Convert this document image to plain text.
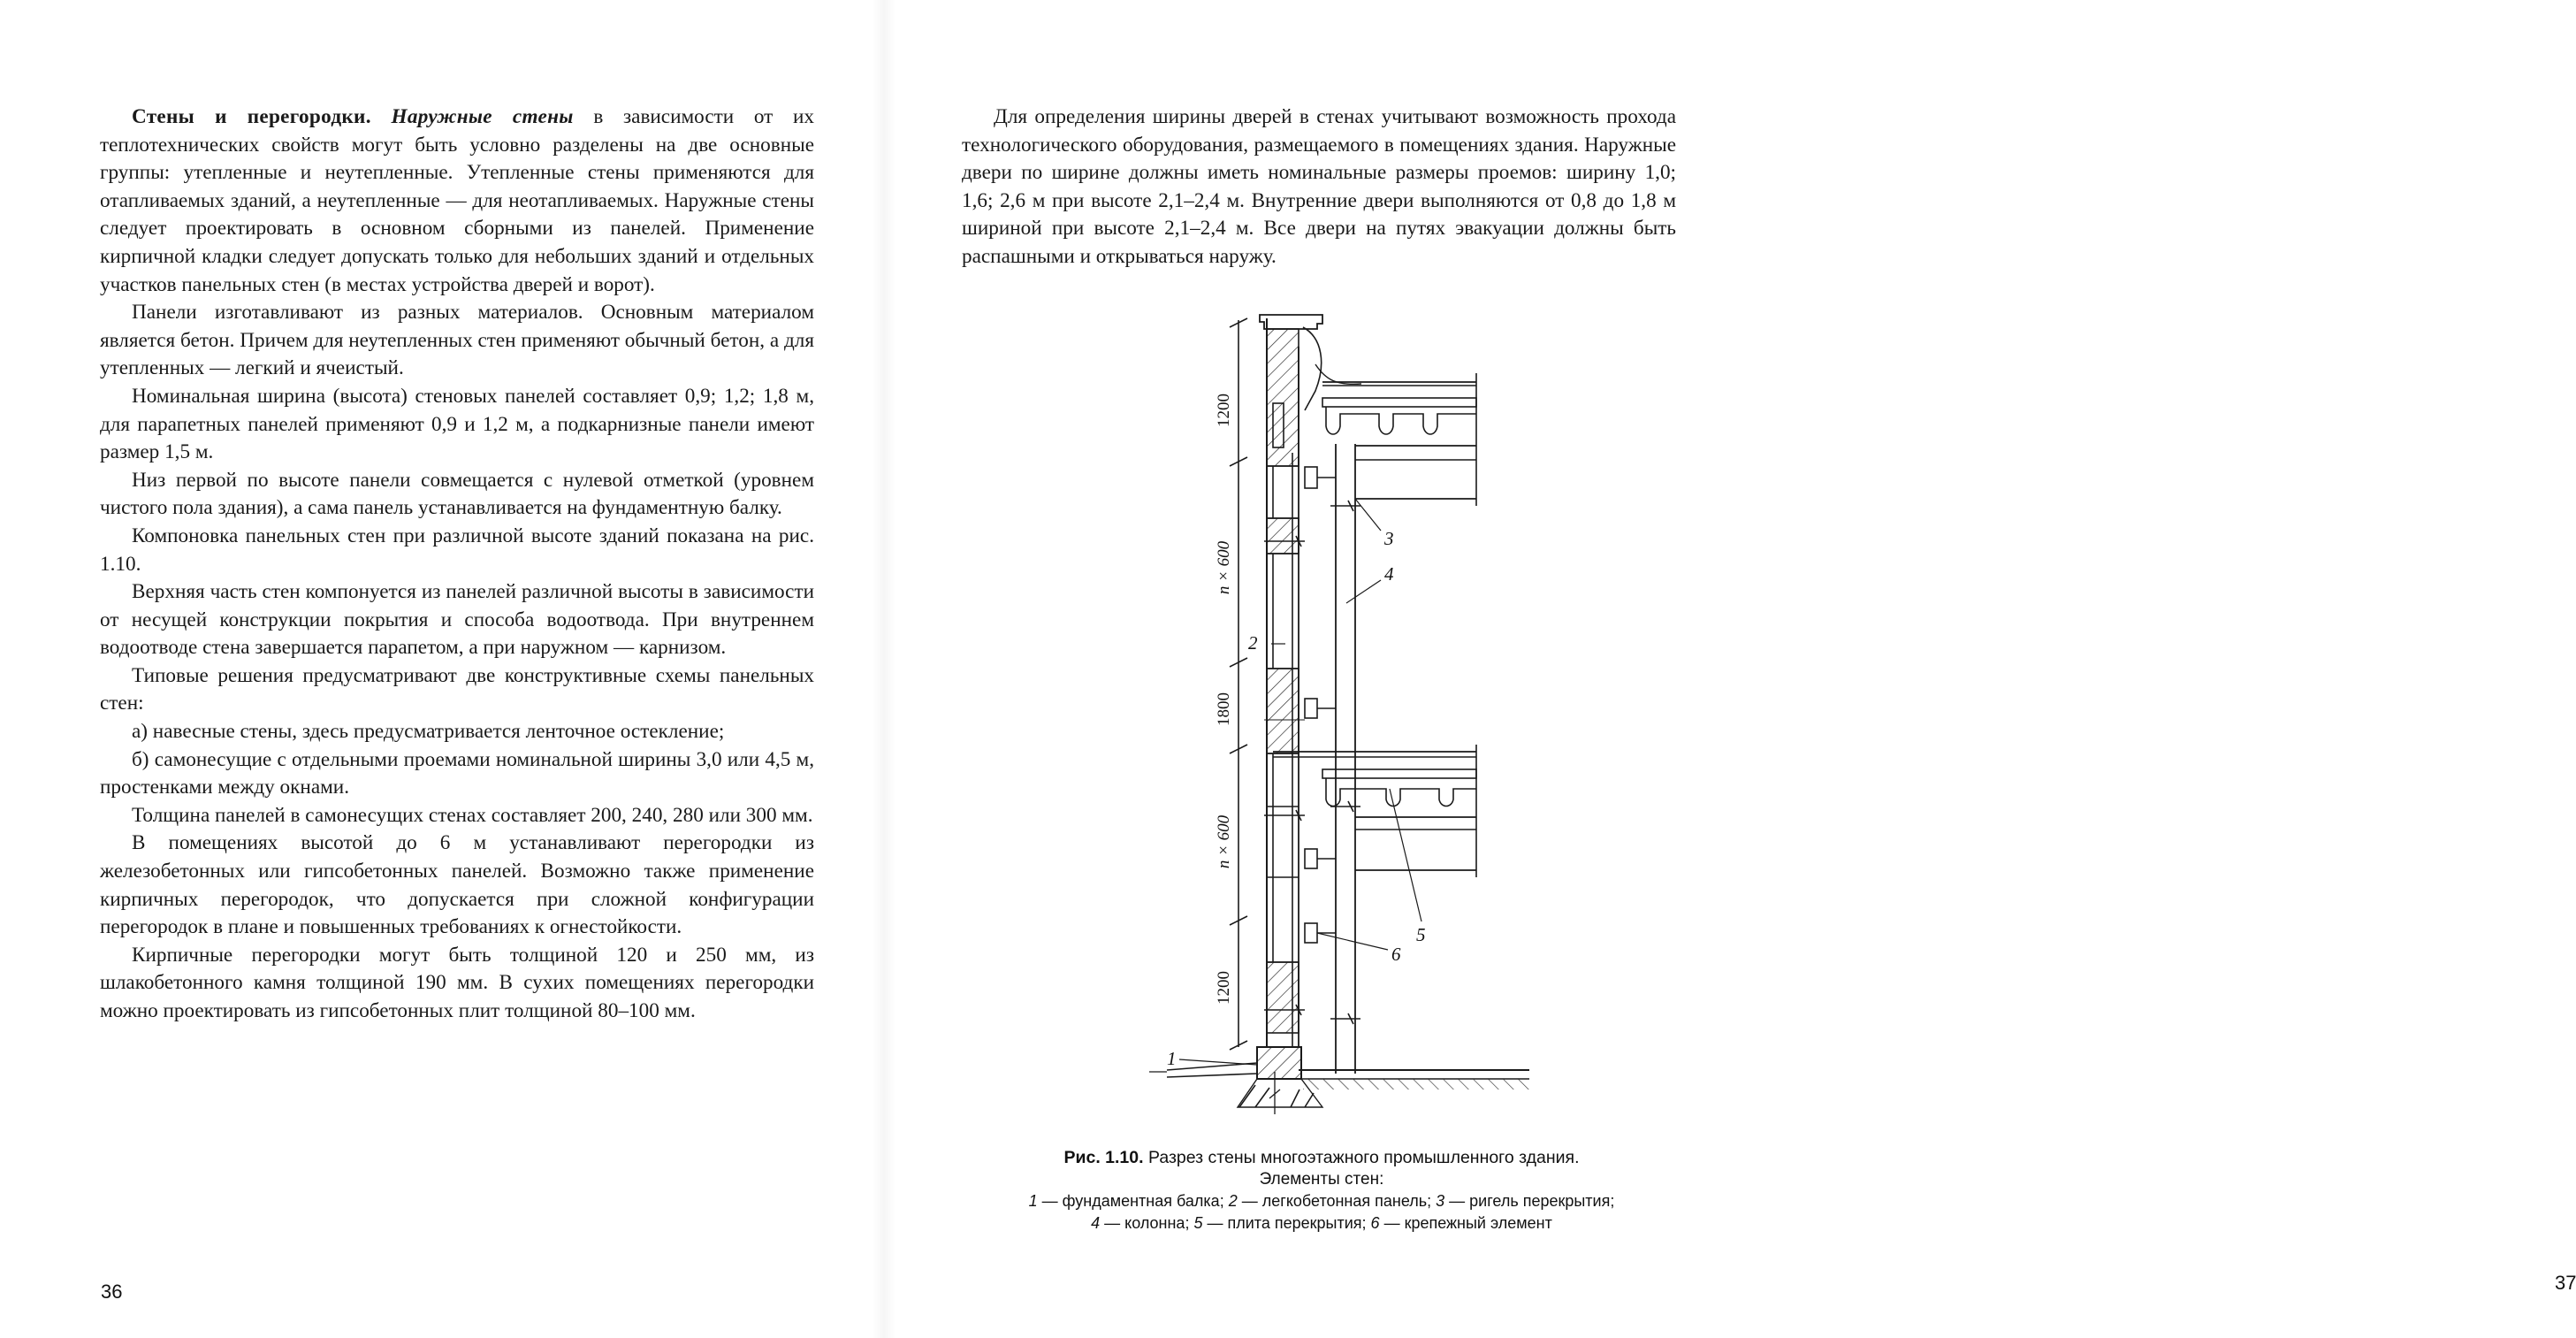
Стены и перегородки. Наружные стены в зависимости от их теплотехнических свойств могут быть условно разделены на две основные группы: утепленные и неутепленные. Утепленные стены применяются для отапливаемых зданий, а неутепленные — для неотапливаемых. Наружные стены следует проектировать в основном сборными из панелей. Применение кирпичной кладки следует допускать только для небольших зданий и отдельных участков панельных стен (в местах устройства дверей и ворот).

Панели изготавливают из разных материалов. Основным материалом является бетон. Причем для неутепленных стен применяют обычный бетон, а для утепленных — легкий и ячеистый.

Номинальная ширина (высота) стеновых панелей составляет 0,9; 1,2; 1,8 м, для парапетных панелей применяют 0,9 и 1,2 м, а подкарнизные панели имеют размер 1,5 м.

Низ первой по высоте панели совмещается с нулевой отметкой (уровнем чистого пола здания), а сама панель устанавливается на фундаментную балку.

Компоновка панельных стен при различной высоте зданий показана на рис. 1.10.

Верхняя часть стен компонуется из панелей различной высоты в зависимости от несущей конструкции покрытия и способа водоотвода. При внутреннем водоотводе стена завершается парапетом, а при наружном — карнизом.

Типовые решения предусматривают две конструктивные схемы панельных стен:

а) навесные стены, здесь предусматривается ленточное остекление;

б) самонесущие с отдельными проемами номинальной ширины 3,0 или 4,5 м, простенками между окнами.

Толщина панелей в самонесущих стенах составляет 200, 240, 280 или 300 мм.

В помещениях высотой до 6 м устанавливают перегородки из железобетонных или гипсобетонных панелей. Возможно также применение кирпичных перегородок, что допускается при сложной конфигурации перегородок в плане и повышенных требованиях к огнестойкости.

Кирпичные перегородки могут быть толщиной 120 и 250 мм, из шлакобетонного камня толщиной 190 мм. В сухих помещениях перегородки можно проектировать из гипсобетонных плит толщиной 80–100 мм.

36	37

Для определения ширины дверей в стенах учитывают возможность прохода технологического оборудования, размещаемого в помещениях здания. Наружные двери по ширине должны иметь номинальные размеры проемов: ширину 1,0; 1,6; 2,6 м при высоте 2,1–2,4 м. Внутренние двери выполняются от 0,8 до 1,8 м шириной при высоте 2,1–2,4 м. Все двери на путях эвакуации должны быть распашными и открываться наружу.

1200
n × 600
1800
n × 600
1200
1
2
3
4
5
6
Рис. 1.10. Разрез стены многоэтажного промышленного здания.
Элементы стен:
1 — фундаментная балка; 2 — легкобетонная панель; 3 — ригель перекрытия;
4 — колонна; 5 — плита перекрытия; 6 — крепежный элемент
